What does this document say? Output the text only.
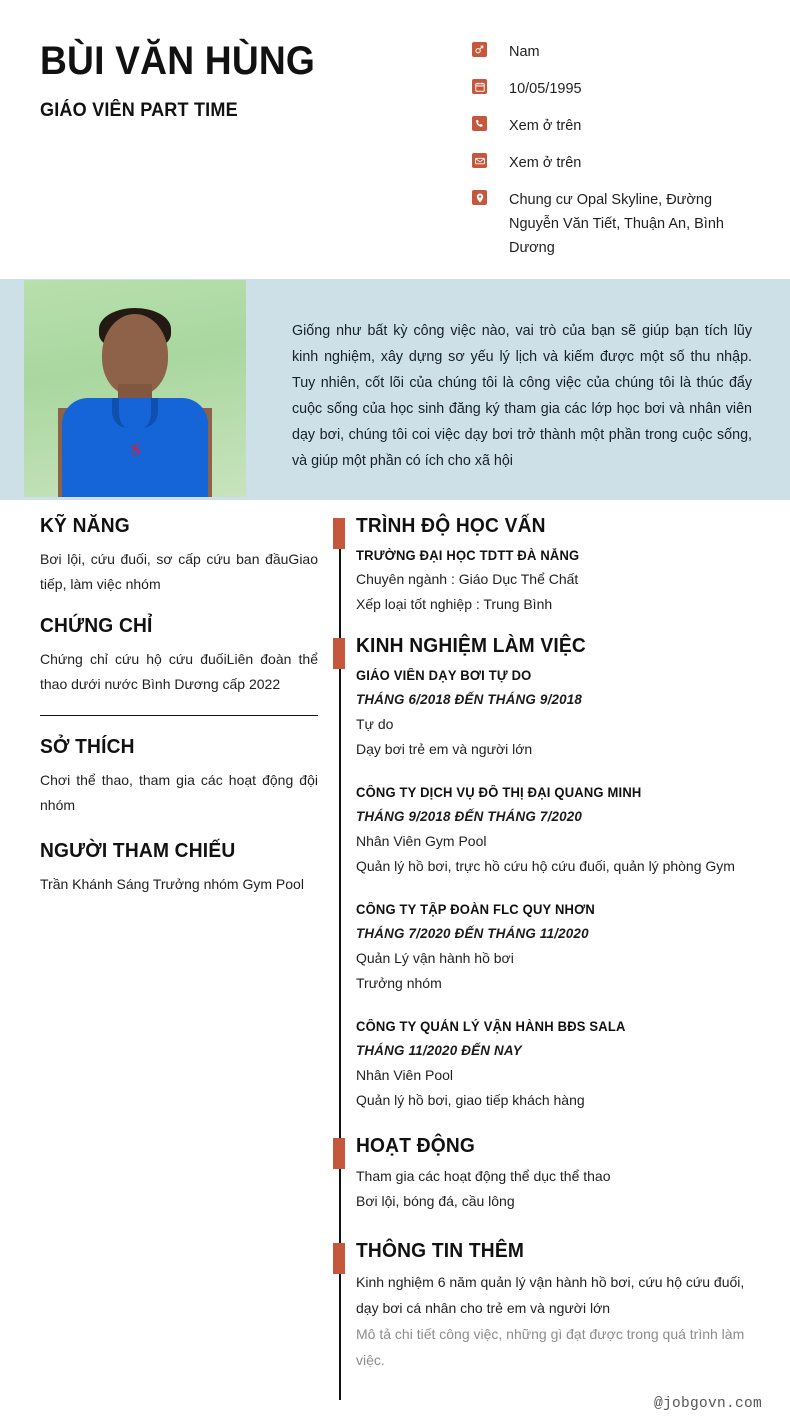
BÙI VĂN HÙNG
GIÁO VIÊN PART TIME
Nam
10/05/1995
Xem ở trên
Xem ở trên
Chung cư Opal Skyline, Đường Nguyễn Văn Tiết, Thuận An, Bình Dương
S
Giống như bất kỳ công việc nào, vai trò của bạn sẽ giúp bạn tích lũy kinh nghiệm, xây dựng sơ yếu lý lịch và kiếm được một số thu nhập. Tuy nhiên, cốt lõi của chúng tôi là công việc của chúng tôi là thúc đẩy cuộc sống của học sinh đăng ký tham gia các lớp học bơi và nhân viên dạy bơi, chúng tôi coi việc dạy bơi trở thành một phần trong cuộc sống, và giúp một phần có ích cho xã hội
KỸ NĂNG
Bơi lội, cứu đuối, sơ cấp cứu ban đầuGiao tiếp, làm việc nhóm
CHỨNG CHỈ
Chứng chỉ cứu hộ cứu đuốiLiên đoàn thể thao dưới nước Bình Dương cấp 2022
SỞ THÍCH
Chơi thể thao, tham gia các hoạt động đội nhóm
NGƯỜI THAM CHIẾU
Trần Khánh Sáng Trưởng nhóm Gym Pool
TRÌNH ĐỘ HỌC VẤN
TRƯỜNG ĐẠI HỌC TDTT ĐÀ NẴNG
Chuyên ngành : Giáo Dục Thể Chất
Xếp loại tốt nghiệp : Trung Bình
KINH NGHIỆM LÀM VIỆC
GIÁO VIÊN DẠY BƠI TỰ DO
THÁNG 6/2018 ĐẾN THÁNG 9/2018
Tự do
Dạy bơi trẻ em và người lớn
CÔNG TY DỊCH VỤ ĐÔ THỊ ĐẠI QUANG MINH
THÁNG 9/2018 ĐẾN THÁNG 7/2020
Nhân Viên Gym Pool
Quản lý hồ bơi, trực hồ cứu hộ cứu đuối, quản lý phòng Gym
CÔNG TY TẬP ĐOÀN FLC QUY NHƠN
THÁNG 7/2020 ĐẾN THÁNG 11/2020
Quản Lý vận hành hồ bơi
Trưởng nhóm
CÔNG TY QUẢN LÝ VẬN HÀNH BĐS SALA
THÁNG 11/2020 ĐẾN NAY
Nhân Viên Pool
Quản lý hồ bơi, giao tiếp khách hàng
HOẠT ĐỘNG
Tham gia các hoạt động thể dục thể thao
Bơi lội, bóng đá, cầu lông
THÔNG TIN THÊM
Kinh nghiệm 6 năm quản lý vận hành hồ bơi, cứu hộ cứu đuối, dạy bơi cá nhân cho trẻ em và người lớn
Mô tả chi tiết công việc, những gì đạt được trong quá trình làm việc.
@jobgovn.com
